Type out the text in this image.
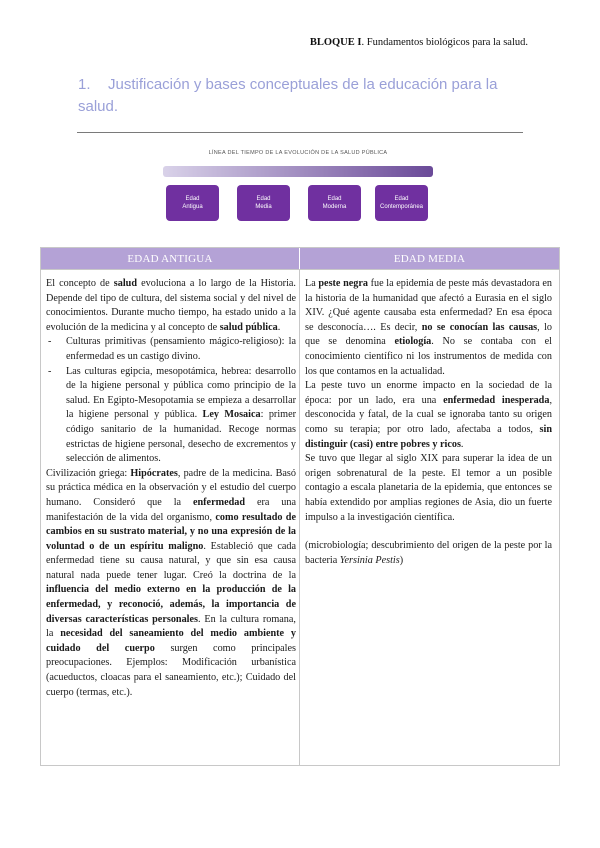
BLOQUE I. Fundamentos biológicos para la salud.
1. Justificación y bases conceptuales de la educación para la salud.
LÍNEA DEL TIEMPO DE LA EVOLUCIÓN DE LA SALUD PÚBLICA
Edad
Antigua
Edad
Media
Edad
Moderna
Edad
Contemporánea
EDAD ANTIGUA	EDAD MEDIA

El concepto de salud evoluciona a lo largo de la Historia. Depende del tipo de cultura, del sistema social y del nivel de conocimientos. Durante mucho tiempo, ha estado unido a la evolución de la medicina y al concepto de salud pública.

- Culturas primitivas (pensamiento mágico-religioso): la enfermedad es un castigo divino.
- Las culturas egipcia, mesopotámica, hebrea: desarrollo de la higiene personal y pública como principio de la salud. En Egipto-Mesopotamia se empieza a desarrollar la higiene personal y pública. Ley Mosaica: primer código sanitario de la humanidad. Recoge normas estrictas de higiene personal, desecho de excrementos y selección de alimentos.

Civilización griega: Hipócrates, padre de la medicina. Basó su práctica médica en la observación y el estudio del cuerpo humano. Consideró que la enfermedad era una manifestación de la vida del organismo, como resultado de cambios en su sustrato material, y no una expresión de la voluntad o de un espíritu maligno. Estableció que cada enfermedad tiene su causa natural, y que sin esa causa natural nada puede tener lugar. Creó la doctrina de la influencia del medio externo en la producción de la enfermedad, y reconoció, además, la importancia de diversas características personales. En la cultura romana, la necesidad del saneamiento del medio ambiente y cuidado del cuerpo surgen como principales preocupaciones. Ejemplos: Modificación urbanística (acueductos, cloacas para el saneamiento, etc.); Cuidado del cuerpo (termas, etc.).

La peste negra fue la epidemia de peste más devastadora en la historia de la humanidad que afectó a Eurasia en el siglo XIV. ¿Qué agente causaba esta enfermedad? En esa época se desconocía…. Es decir, no se conocían las causas, lo que se denomina etiología. No se contaba con el conocimiento científico ni los instrumentos de medida con los que contamos en la actualidad.

La peste tuvo un enorme impacto en la sociedad de la época: por un lado, era una enfermedad inesperada, desconocida y fatal, de la cual se ignoraba tanto su origen como su terapia; por otro lado, afectaba a todos, sin distinguir (casi) entre pobres y ricos.

Se tuvo que llegar al siglo XIX para superar la idea de un origen sobrenatural de la peste. El temor a un posible contagio a escala planetaria de la epidemia, que entonces se había extendido por amplias regiones de Asia, dio un fuerte impulso a la investigación científica.

(microbiología; descubrimiento del origen de la peste por la bacteria Yersinia Pestis)
